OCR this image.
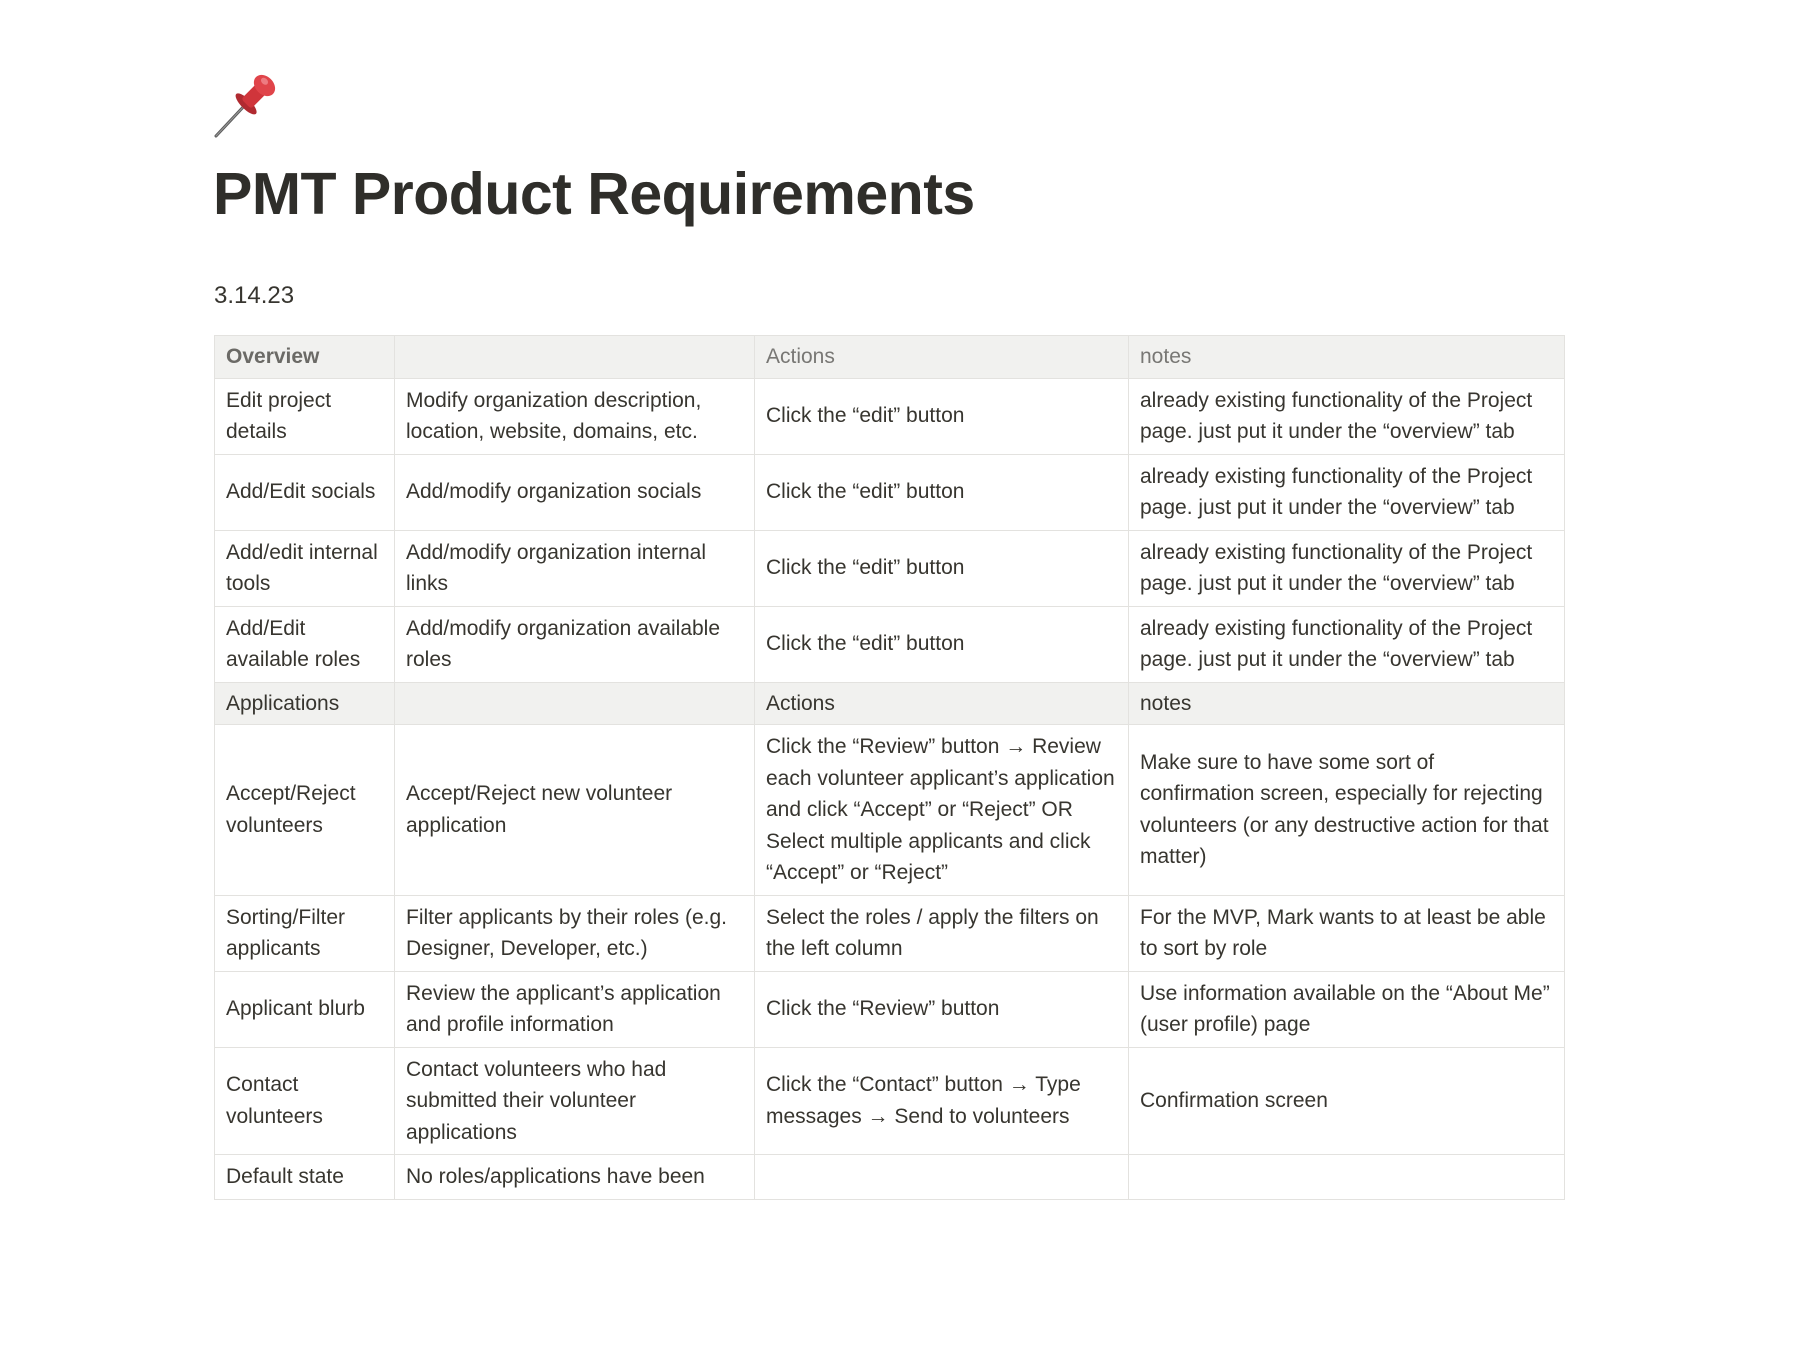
PMT Product Requirements
3.14.23
Overview		Actions	notes
Edit project details	Modify organization description, location, website, domains, etc.	Click the “edit” button	already existing functionality of the Project page. just put it under the “overview” tab
Add/Edit socials	Add/modify organization socials	Click the “edit” button	already existing functionality of the Project page. just put it under the “overview” tab
Add/edit internal tools	Add/modify organization internal links	Click the “edit” button	already existing functionality of the Project page. just put it under the “overview” tab
Add/Edit available roles	Add/modify organization available roles	Click the “edit” button	already existing functionality of the Project page. just put it under the “overview” tab
Applications		Actions	notes
Accept/Reject volunteers	Accept/Reject new volunteer application	Click the “Review” button → Review each volunteer applicant’s application and click “Accept” or “Reject” OR Select multiple applicants and click “Accept” or “Reject”	Make sure to have some sort of confirmation screen, especially for rejecting volunteers (or any destructive action for that matter)
Sorting/Filter applicants	Filter applicants by their roles (e.g. Designer, Developer, etc.)	Select the roles / apply the filters on the left column	For the MVP, Mark wants to at least be able to sort by role
Applicant blurb	Review the applicant’s application and profile information	Click the “Review” button	Use information available on the “About Me” (user profile) page
Contact volunteers	Contact volunteers who had submitted their volunteer applications	Click the “Contact” button → Type messages → Send to volunteers	Confirmation screen
Default state	No roles/applications have been		
